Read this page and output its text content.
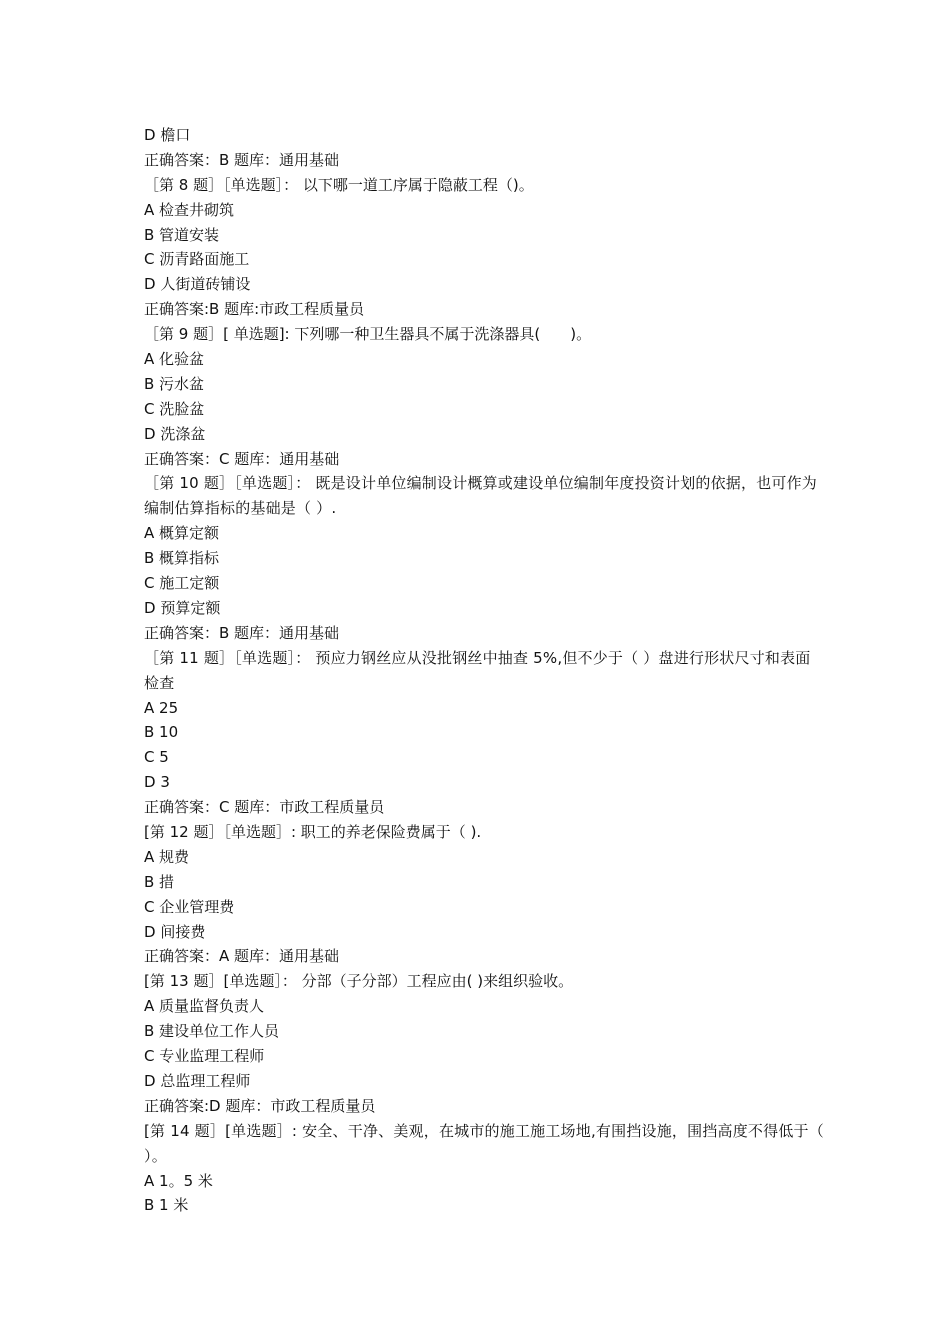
D 檐口
正确答案：B 题库：通用基础
［第 8 题］［单选题］： 以下哪一道工序属于隐蔽工程（)。
A 检查井砌筑
B 管道安装
C 沥青路面施工
D 人街道砖铺设
正确答案:B 题库:市政工程质量员
［第 9 题］[ 单选题]: 下列哪一种卫生器具不属于洗涤器具(　　)。
A 化验盆
B 污水盆
C 洗脸盆
D 洗涤盆
正确答案：C 题库：通用基础
［第 10 题］［单选题］： 既是设计单位编制设计概算或建设单位编制年度投资计划的依据，也可作为编制估算指标的基础是（ ）.
A 概算定额
B 概算指标
C 施工定额
D 预算定额
正确答案：B 题库：通用基础
［第 11 题］［单选题］： 预应力钢丝应从没批钢丝中抽查 5%,但不少于（ ）盘进行形状尺寸和表面检查
A 25
B 10
C 5
D 3
正确答案：C 题库：市政工程质量员
[第 12 题］［单选题］: 职工的养老保险费属于（ ).
A 规费
B 措
C 企业管理费
D 间接费
正确答案：A 题库：通用基础
[第 13 题］[单选题］： 分部（子分部）工程应由( )来组织验收。
A 质量监督负责人
B 建设单位工作人员
C 专业监理工程师
D 总监理工程师
正确答案:D 题库：市政工程质量员
[第 14 题］[单选题］: 安全、干净、美观，在城市的施工施工场地,有围挡设施，围挡高度不得低于（ ）。
A 1。5 米
B 1 米
